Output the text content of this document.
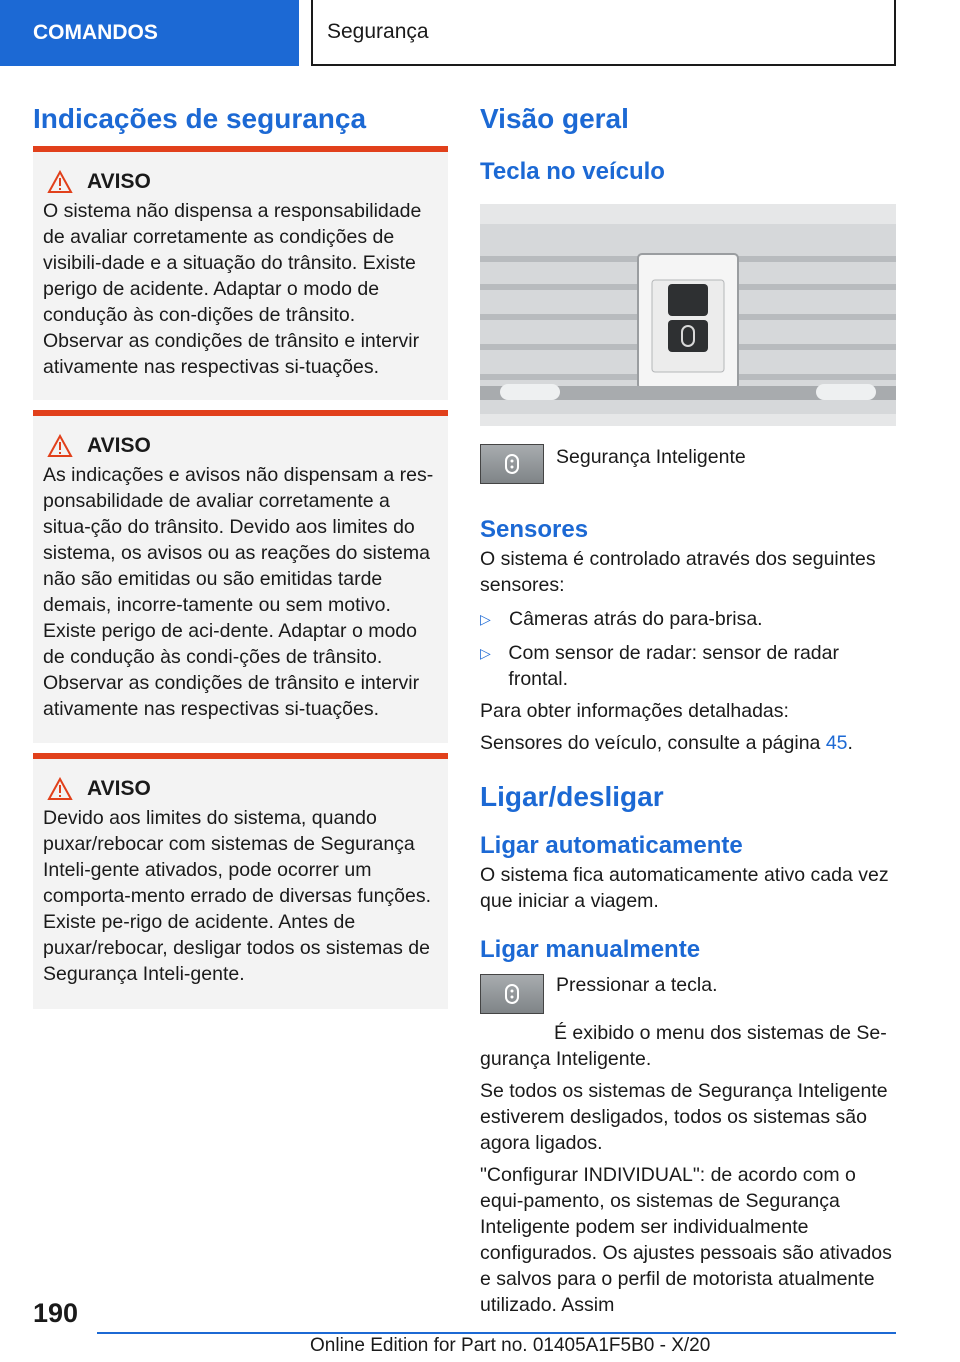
COMANDOS	Segurança
Indicações de segurança
AVISO
O sistema não dispensa a responsabilidade de avaliar corretamente as condições de visibili-dade e a situação do trânsito. Existe perigo de acidente. Adaptar o modo de condução às con-dições de trânsito. Observar as condições de trânsito e intervir ativamente nas respectivas si-tuações.
AVISO
As indicações e avisos não dispensam a res-ponsabilidade de avaliar corretamente a situa-ção do trânsito. Devido aos limites do sistema, os avisos ou as reações do sistema não são emitidas ou são emitidas tarde demais, incorre-tamente ou sem motivo. Existe perigo de aci-dente. Adaptar o modo de condução às condi-ções de trânsito. Observar as condições de trânsito e intervir ativamente nas respectivas si-tuações.
AVISO
Devido aos limites do sistema, quando puxar/rebocar com sistemas de Segurança Inteli-gente ativados, pode ocorrer um comporta-mento errado de diversas funções. Existe pe-rigo de acidente. Antes de puxar/rebocar, desligar todos os sistemas de Segurança Inteli-gente.
Visão geral
Tecla no veículo

Segurança Inteligente

Sensores

O sistema é controlado através dos seguintes sensores:

▷ Câmeras atrás do para-brisa.
▷ Com sensor de radar: sensor de radar frontal.

Para obter informações detalhadas:

Sensores do veículo, consulte a página 45.

Ligar/desligar
Ligar automaticamente

O sistema fica automaticamente ativo cada vez que iniciar a viagem.

Ligar manualmente

Pressionar a tecla.

É exibido o menu dos sistemas de Se-gurança Inteligente.

Se todos os sistemas de Segurança Inteligente estiverem desligados, todos os sistemas são agora ligados.

"Configurar INDIVIDUAL": de acordo com o equi-pamento, os sistemas de Segurança Inteligente podem ser individualmente configurados. Os ajustes pessoais são ativados e salvos para o perfil de motorista atualmente utilizado. Assim

190
Online Edition for Part no. 01405A1F5B0 - X/20
